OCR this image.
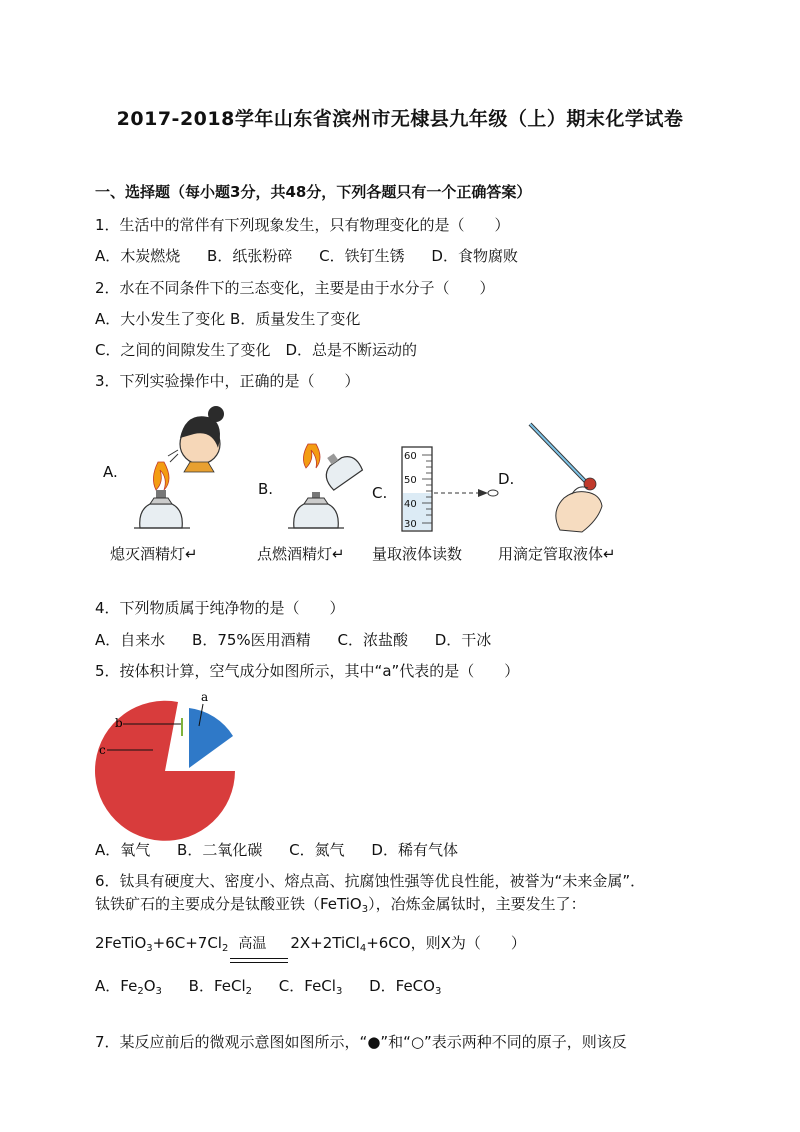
2017-2018学年山东省滨州市无棣县九年级（上）期末化学试卷
一、选择题（每小题3分，共48分，下列各题只有一个正确答案）
1．生活中的常伴有下列现象发生，只有物理变化的是（　　）
A．木炭燃烧 B．纸张粉碎 C．铁钉生锈 D．食物腐败
2．水在不同条件下的三态变化，主要是由于水分子（　　）
A．大小发生了变化 B．质量发生了变化
C．之间的间隙发生了变化　D．总是不断运动的
3．下列实验操作中，正确的是（　　）
A.
B.	C.
D.
60
50
40
30
熄灭酒精灯↵	点燃酒精灯↵ 量取液体读数 用滴定管取液体↵
4．下列物质属于纯净物的是（　　）
A．自来水 B．75%医用酒精 C．浓盐酸 D．干冰
5．按体积计算，空气成分如图所示，其中“a”代表的是（　　）
a
b
c
A．氧气 B．二氧化碳 C．氮气 D．稀有气体
6．钛具有硬度大、密度小、熔点高、抗腐蚀性强等优良性能，被誉为“未来金属”．
钛铁矿石的主要成分是钛酸亚铁（FeTiO$_3$），冶炼金属钛时，主要发生了：
$2FeTiO_3+6C+7Cl_2$ 高温 2X+2TiCl$_4$+6CO，则X为（　　）
A．$Fe_2O_3$ B．FeCl$_2$ C．FeCl$_3$ D．FeCO$_3$
7．某反应前后的微观示意图如图所示，“●”和“○”表示两种不同的原子，则该反
